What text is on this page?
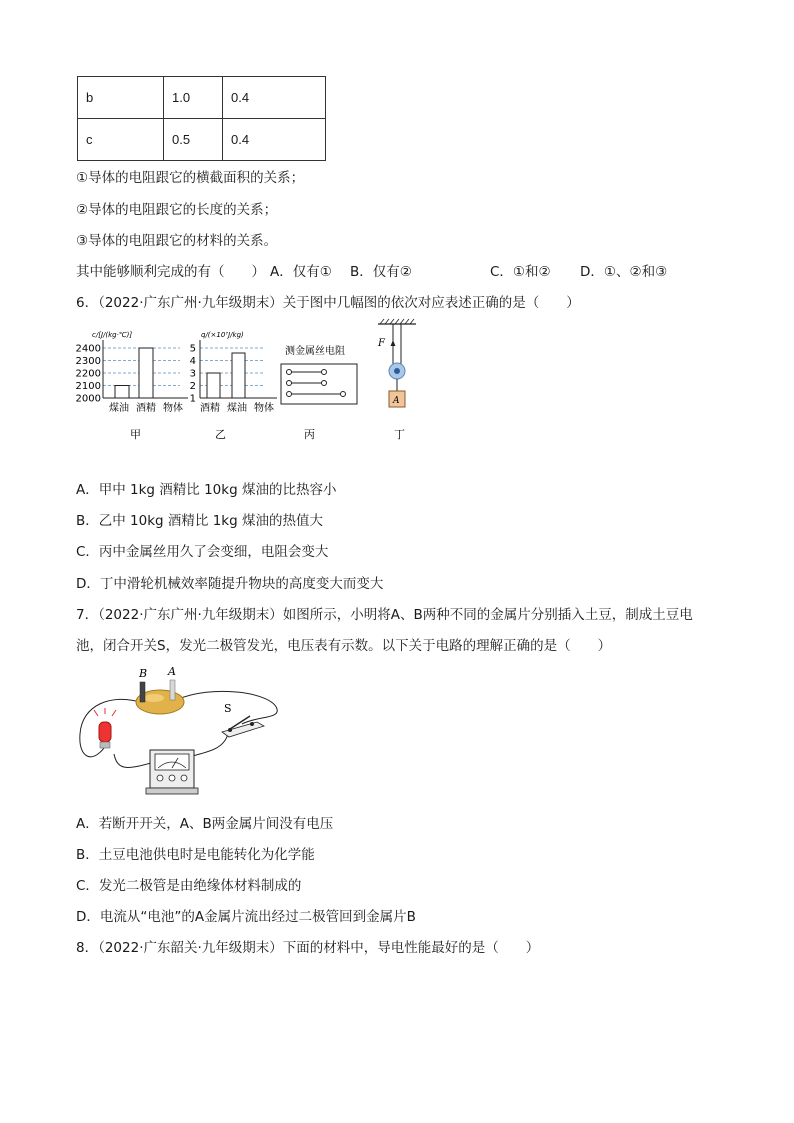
b	1.0	0.4
c	0.5	0.4
①导体的电阻跟它的横截面积的关系；
②导体的电阻跟它的长度的关系；
③导体的电阻跟它的材料的关系。
其中能够顺利完成的有（　　） A．仅有① B．仅有②	C．①和② D．①、②和③
6．（2022·广东广州·九年级期末）关于图中几幅图的依次对应表述正确的是（　　）
c/[J/(kg·℃)]
2400
2300
2200
2100
2000
煤油 酒精 物体
甲
q/(×10⁷J/kg)
5
4
3
2
1
酒精 煤油 物体
乙
测金属丝电阻
丙
F
A
丁
A．甲中 1kg 酒精比 10kg 煤油的比热容小
B．乙中 10kg 酒精比 1kg 煤油的热值大
C．丙中金属丝用久了会变细，电阻会变大
D．丁中滑轮机械效率随提升物块的高度变大而变大
7．（2022·广东广州·九年级期末）如图所示，小明将A、B两种不同的金属片分别插入土豆，制成土豆电
池，闭合开关S，发光二极管发光，电压表有示数。以下关于电路的理解正确的是（　　）
B A
S
A．若断开开关，A、B两金属片间没有电压
B．土豆电池供电时是电能转化为化学能
C．发光二极管是由绝缘体材料制成的
D．电流从“电池”的A金属片流出经过二极管回到金属片B
8．（2022·广东韶关·九年级期末）下面的材料中，导电性能最好的是（　　）
